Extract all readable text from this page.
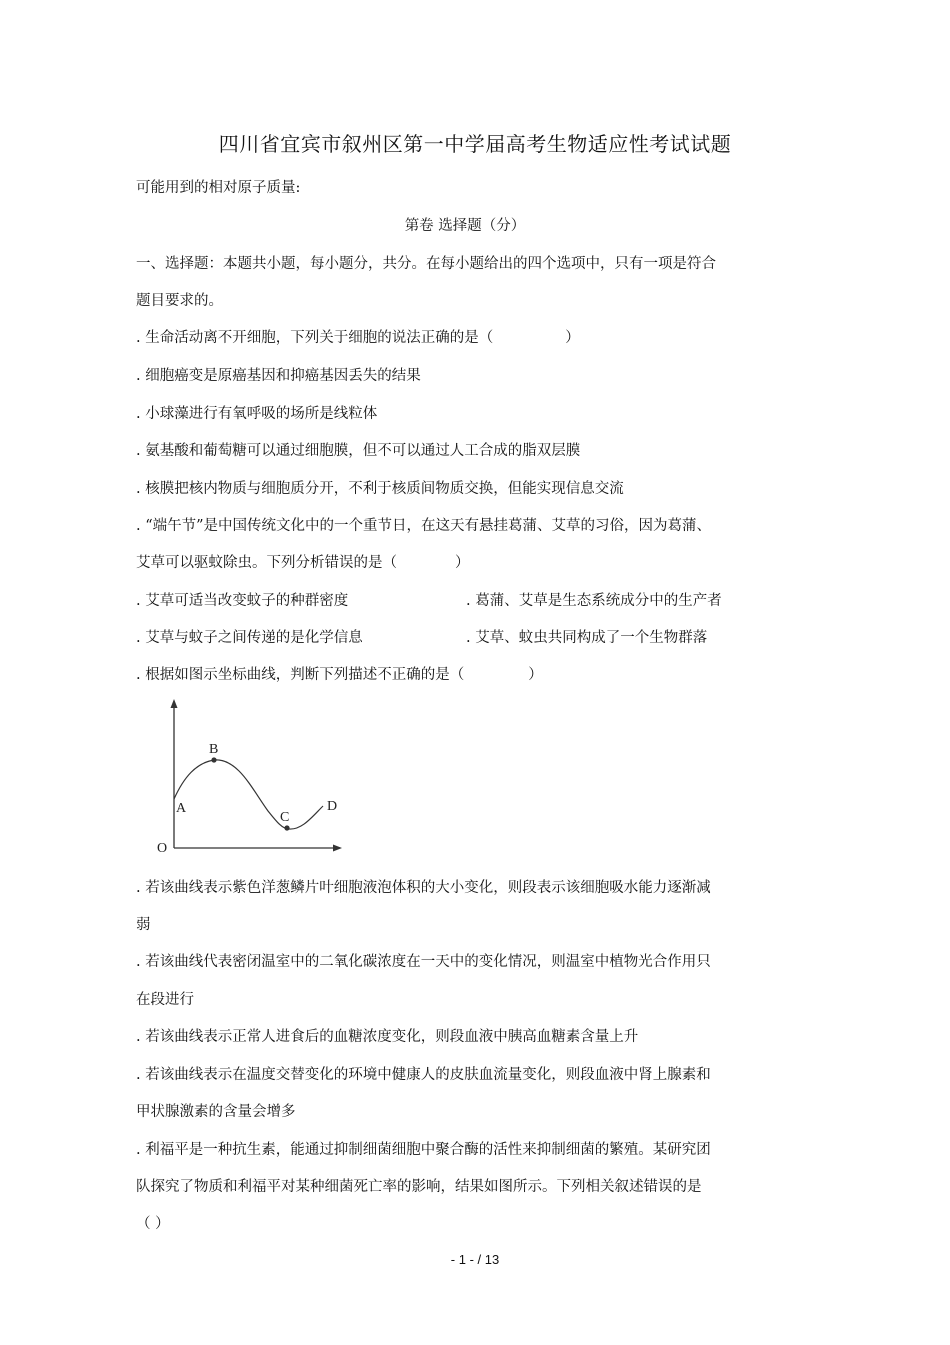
四川省宜宾市叙州区第一中学届高考生物适应性考试试题
可能用到的相对原子质量:
第卷 选择题（分）
一、选择题：本题共小题，每小题分，共分。在每小题给出的四个选项中，只有一项是符合
题目要求的。
. 生命活动离不开细胞，下列关于细胞的说法正确的是（	）
. 细胞癌变是原癌基因和抑癌基因丢失的结果
. 小球藻进行有氧呼吸的场所是线粒体
. 氨基酸和葡萄糖可以通过细胞膜，但不可以通过人工合成的脂双层膜
. 核膜把核内物质与细胞质分开，不利于核质间物质交换，但能实现信息交流
. “端午节”是中国传统文化中的一个重节日，在这天有悬挂葛蒲、艾草的习俗，因为葛蒲、
艾草可以驱蚊除虫。下列分析错误的是（	）
. 艾草可适当改变蚊子的种群密度	. 葛蒲、艾草是生态系统成分中的生产者
. 艾草与蚊子之间传递的是化学信息	. 艾草、蚊虫共同构成了一个生物群落
. 根据如图示坐标曲线，判断下列描述不正确的是（	）
O
A
B
C
D
. 若该曲线表示紫色洋葱鳞片叶细胞液泡体积的大小变化，则段表示该细胞吸水能力逐渐减
弱
. 若该曲线代表密闭温室中的二氧化碳浓度在一天中的变化情况，则温室中植物光合作用只
在段进行
. 若该曲线表示正常人进食后的血糖浓度变化，则段血液中胰高血糖素含量上升
. 若该曲线表示在温度交替变化的环境中健康人的皮肤血流量变化，则段血液中肾上腺素和
甲状腺激素的含量会增多
. 利福平是一种抗生素，能通过抑制细菌细胞中聚合酶的活性来抑制细菌的繁殖。某研究团
队探究了物质和利福平对某种细菌死亡率的影响，结果如图所示。下列相关叙述错误的是
（ ）
- 1 - / 13
